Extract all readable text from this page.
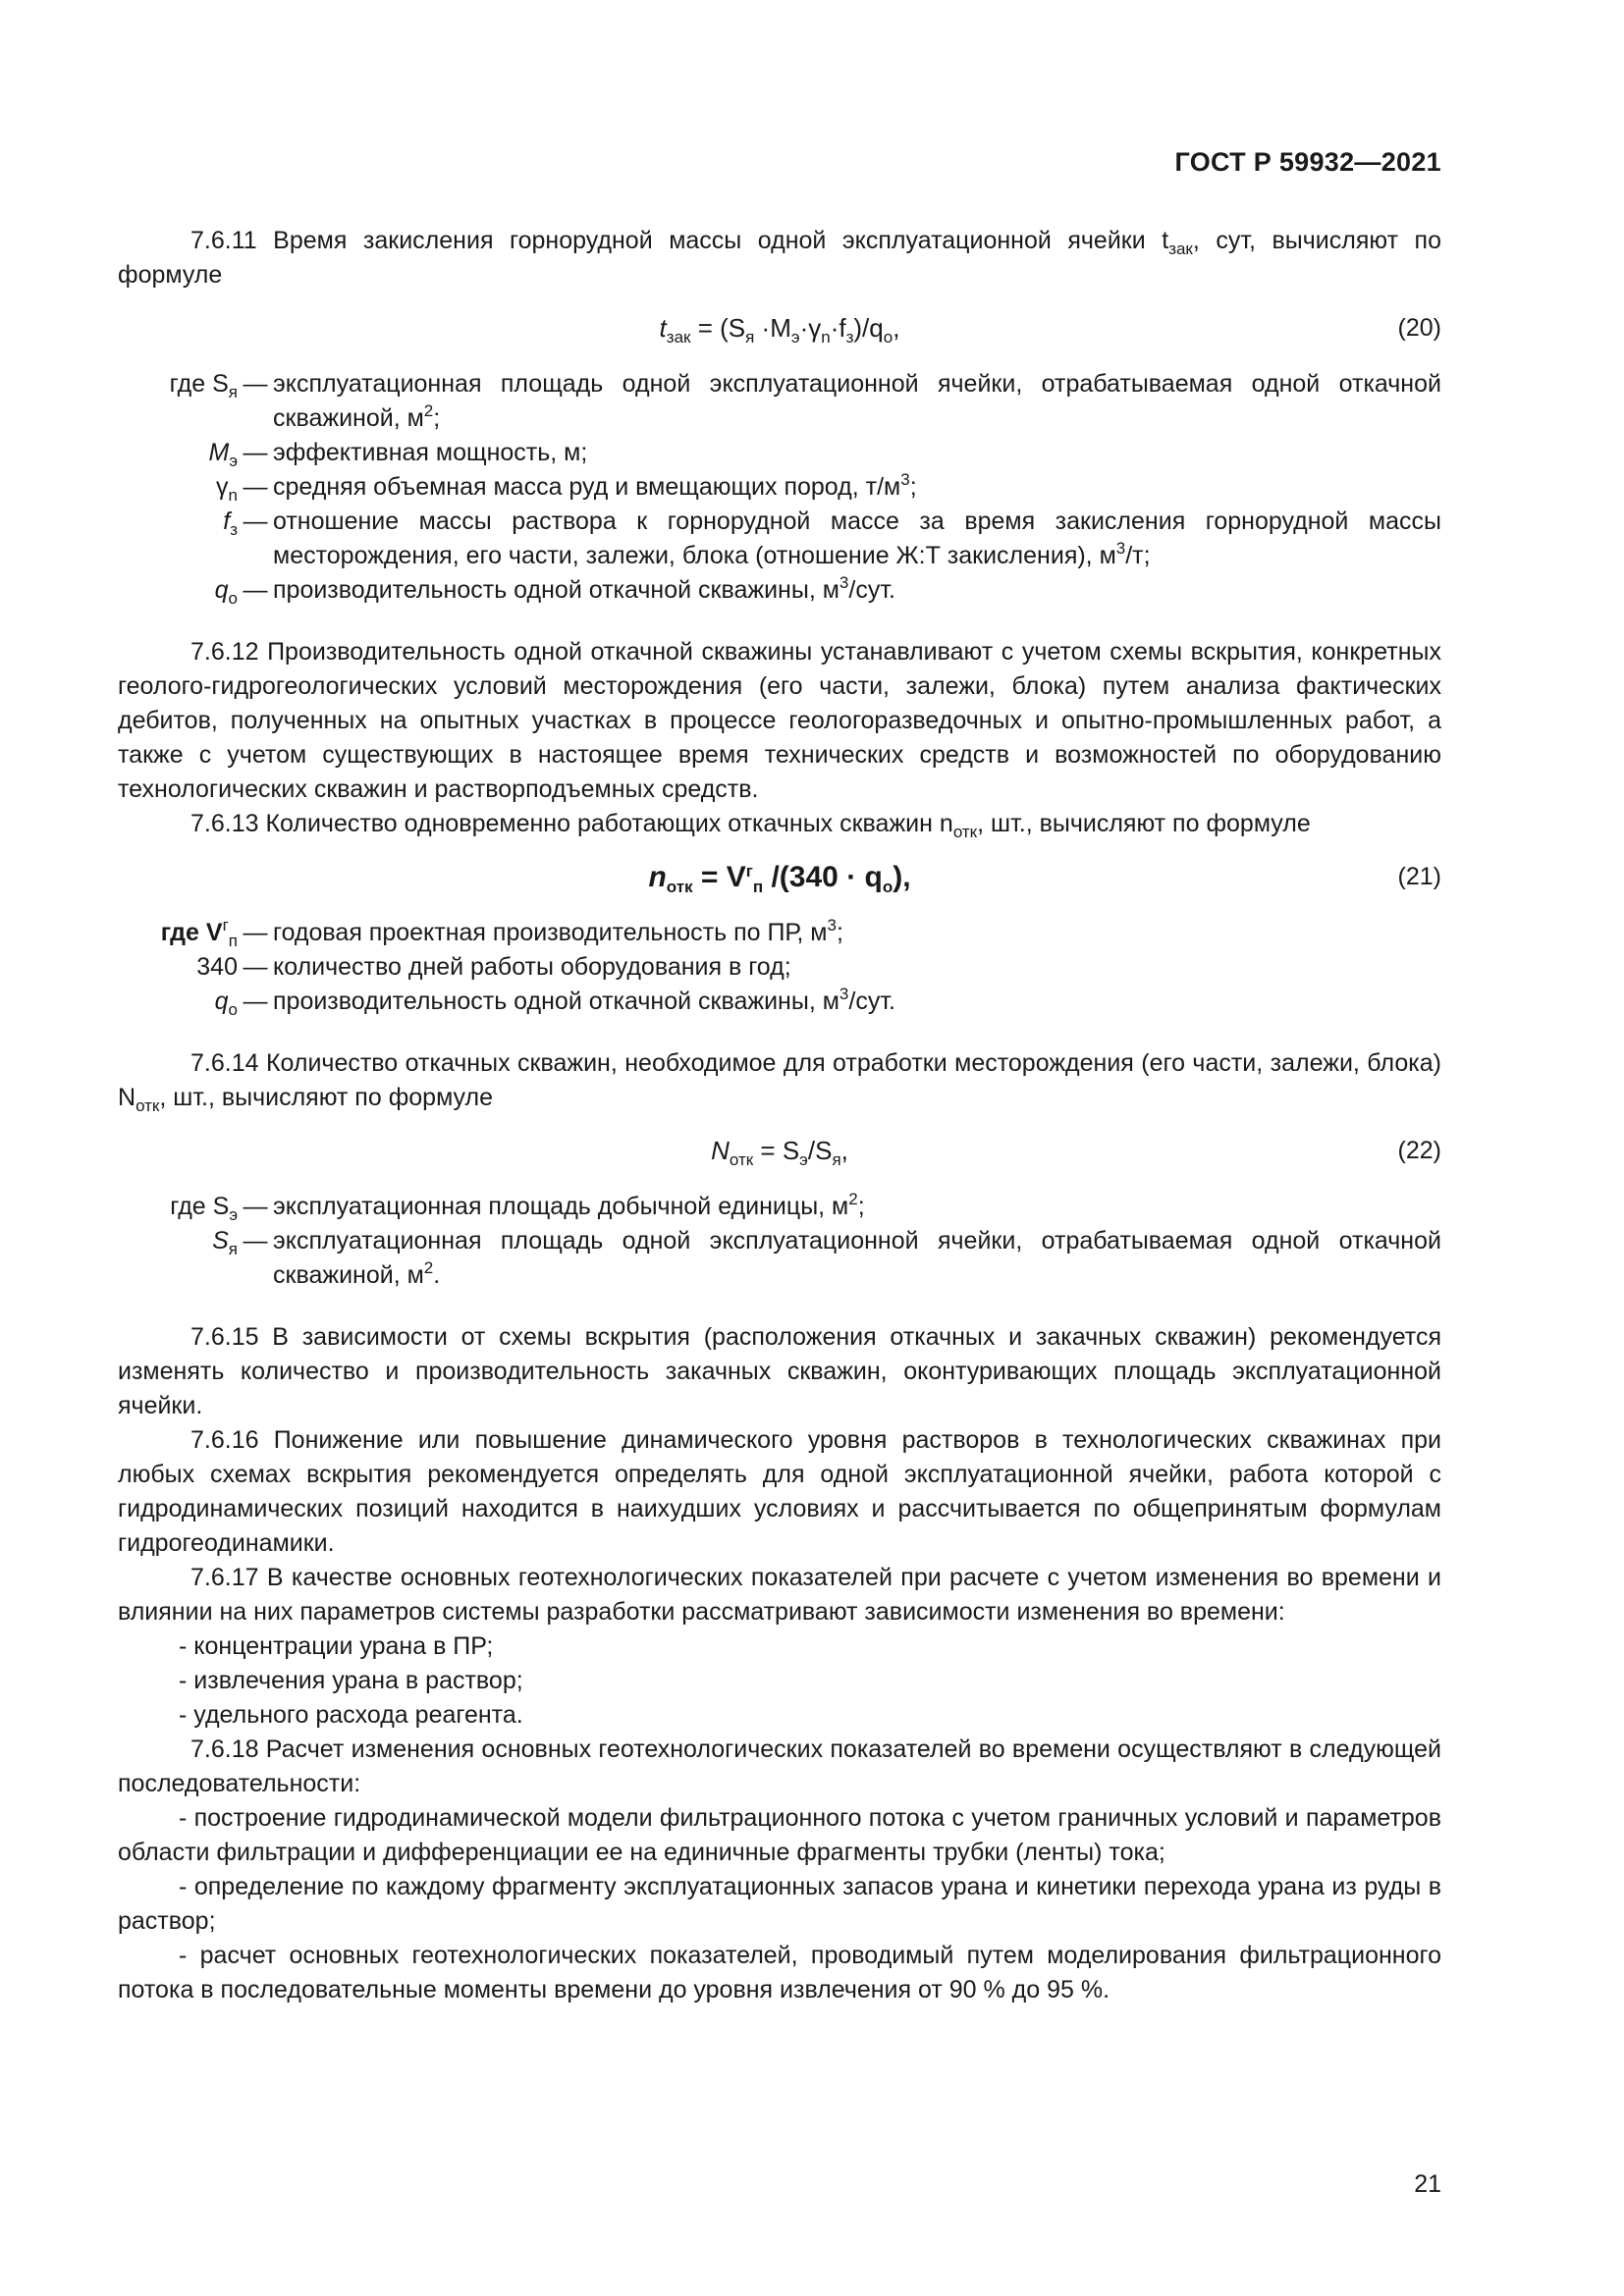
ГОСТ Р 59932—2021

7.6.11 Время закисления горнорудной массы одной эксплуатационной ячейки $t_{зак}$, сут, вычисляют по формуле

$t_{зак} = (S_я \cdot M_э\cdot\gamma_n\cdot f_з)/q_о$,	(20)
где $S_я$ — эксплуатационная площадь одной эксплуатационной ячейки, отрабатываемая одной откачной скважиной, $м^2$;
$M_э$ — эффективная мощность, м;
$\gamma_n$ — средняя объемная масса руд и вмещающих пород, $т/м^3$;
$f_з$ — отношение массы раствора к горнорудной массе за время закисления горнорудной массы месторождения, его части, залежи, блока (отношение Ж:Т закисления), $м^3/т$;
$q_о$ — производительность одной откачной скважины, $м^3$/сут.

7.6.12 Производительность одной откачной скважины устанавливают с учетом схемы вскрытия, конкретных геолого-гидрогеологических условий месторождения (его части, залежи, блока) путем анализа фактических дебитов, полученных на опытных участках в процессе геологоразведочных и опытно-промышленных работ, а также с учетом существующих в настоящее время технических средств и возможностей по оборудованию технологических скважин и растворподъемных средств.

7.6.13 Количество одновременно работающих откачных скважин $n_{отк}$, шт., вычисляют по формуле

$n_{отк} = V^г_п$ $/(340 \cdot q_о)$,	(21)
где $V^г_п$ — годовая проектная производительность по ПР, $м^3$;
340 — количество дней работы оборудования в год;
$q_о$ — производительность одной откачной скважины, $м^3$/сут.

7.6.14 Количество откачных скважин, необходимое для отработки месторождения (его части, залежи, блока) $N_{отк}$, шт., вычисляют по формуле

$N_{отк} = S_э/S_я$,	(22)
где $S_э$ — эксплуатационная площадь добычной единицы, $м^2$;
$S_я$ — эксплуатационная площадь одной эксплуатационной ячейки, отрабатываемая одной откачной скважиной, $м^2$.

7.6.15 В зависимости от схемы вскрытия (расположения откачных и закачных скважин) рекомендуется изменять количество и производительность закачных скважин, оконтуривающих площадь эксплуатационной ячейки.

7.6.16 Понижение или повышение динамического уровня растворов в технологических скважинах при любых схемах вскрытия рекомендуется определять для одной эксплуатационной ячейки, работа которой с гидродинамических позиций находится в наихудших условиях и рассчитывается по общепринятым формулам гидрогеодинамики.

7.6.17 В качестве основных геотехнологических показателей при расчете с учетом изменения во времени и влиянии на них параметров системы разработки рассматривают зависимости изменения во времени:

- концентрации урана в ПР;

- извлечения урана в раствор;

- удельного расхода реагента.

7.6.18 Расчет изменения основных геотехнологических показателей во времени осуществляют в следующей последовательности:

- построение гидродинамической модели фильтрационного потока с учетом граничных условий и параметров области фильтрации и дифференциации ее на единичные фрагменты трубки (ленты) тока;

- определение по каждому фрагменту эксплуатационных запасов урана и кинетики перехода урана из руды в раствор;

- расчет основных геотехнологических показателей, проводимый путем моделирования фильтрационного потока в последовательные моменты времени до уровня извлечения от 90 % до 95 %.

21
